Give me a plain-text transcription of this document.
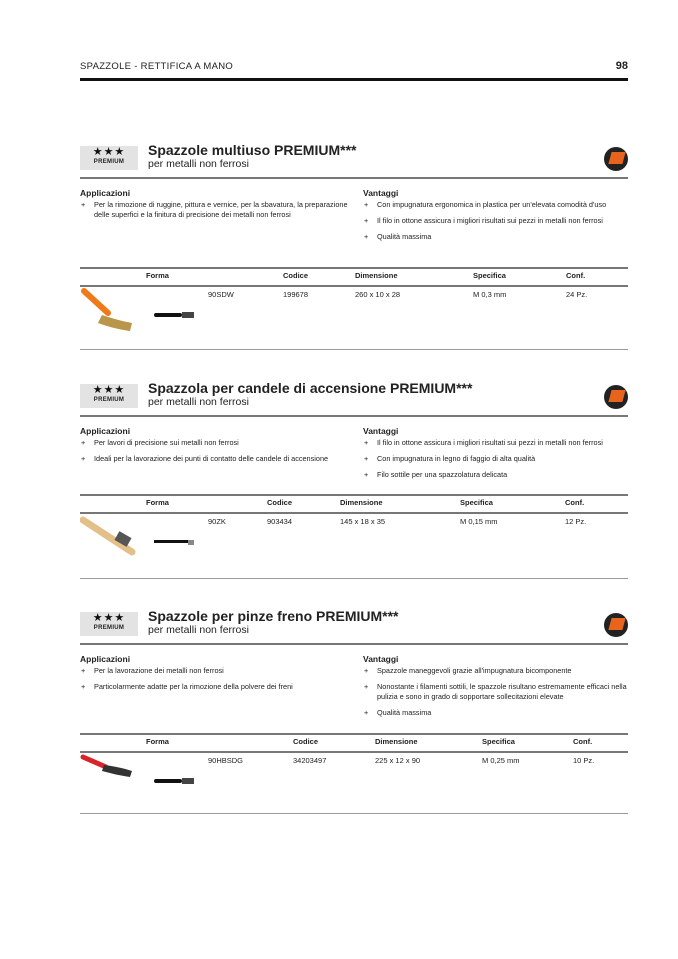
SPAZZOLE - RETTIFICA A MANO	98
★★★
PREMIUM
Spazzole multiuso PREMIUM***
per metalli non ferrosi
Applicazioni
+ Per la rimozione di ruggine, pittura e vernice, per la sbavatura, la preparazione delle superfici e la finitura di precisione dei metalli non ferrosi
Vantaggi
+ Con impugnatura ergonomica in plastica per un'elevata comodità d'uso
+ Il filo in ottone assicura i migliori risultati sui pezzi in metalli non ferrosi
+ Qualità massima
Forma	Codice	Dimensione	Specifica	Conf.
90SDW	199678	260 x 10 x 28	M 0,3 mm	24 Pz.
★★★
PREMIUM
Spazzola per candele di accensione PREMIUM***
per metalli non ferrosi
Applicazioni
+ Per lavori di precisione sui metalli non ferrosi
+ Ideali per la lavorazione dei punti di contatto delle candele di accensione
Vantaggi
+ Il filo in ottone assicura i migliori risultati sui pezzi in metalli non ferrosi
+ Con impugnatura in legno di faggio di alta qualità
+ Filo sottile per una spazzolatura delicata
Forma	Codice	Dimensione	Specifica	Conf.
90ZK	903434	145 x 18 x 35	M 0,15 mm	12 Pz.
★★★
PREMIUM
Spazzole per pinze freno PREMIUM***
per metalli non ferrosi
Applicazioni
+ Per la lavorazione dei metalli non ferrosi
+ Particolarmente adatte per la rimozione della polvere dei freni
Vantaggi
+ Spazzole maneggevoli grazie all'impugnatura bicomponente
+ Nonostante i filamenti sottili, le spazzole risultano estremamente efficaci nella pulizia e sono in grado di sopportare sollecitazioni elevate
+ Qualità massima
Forma	Codice	Dimensione	Specifica	Conf.
90HBSDG	34203497	225 x 12 x 90	M 0,25 mm	10 Pz.
